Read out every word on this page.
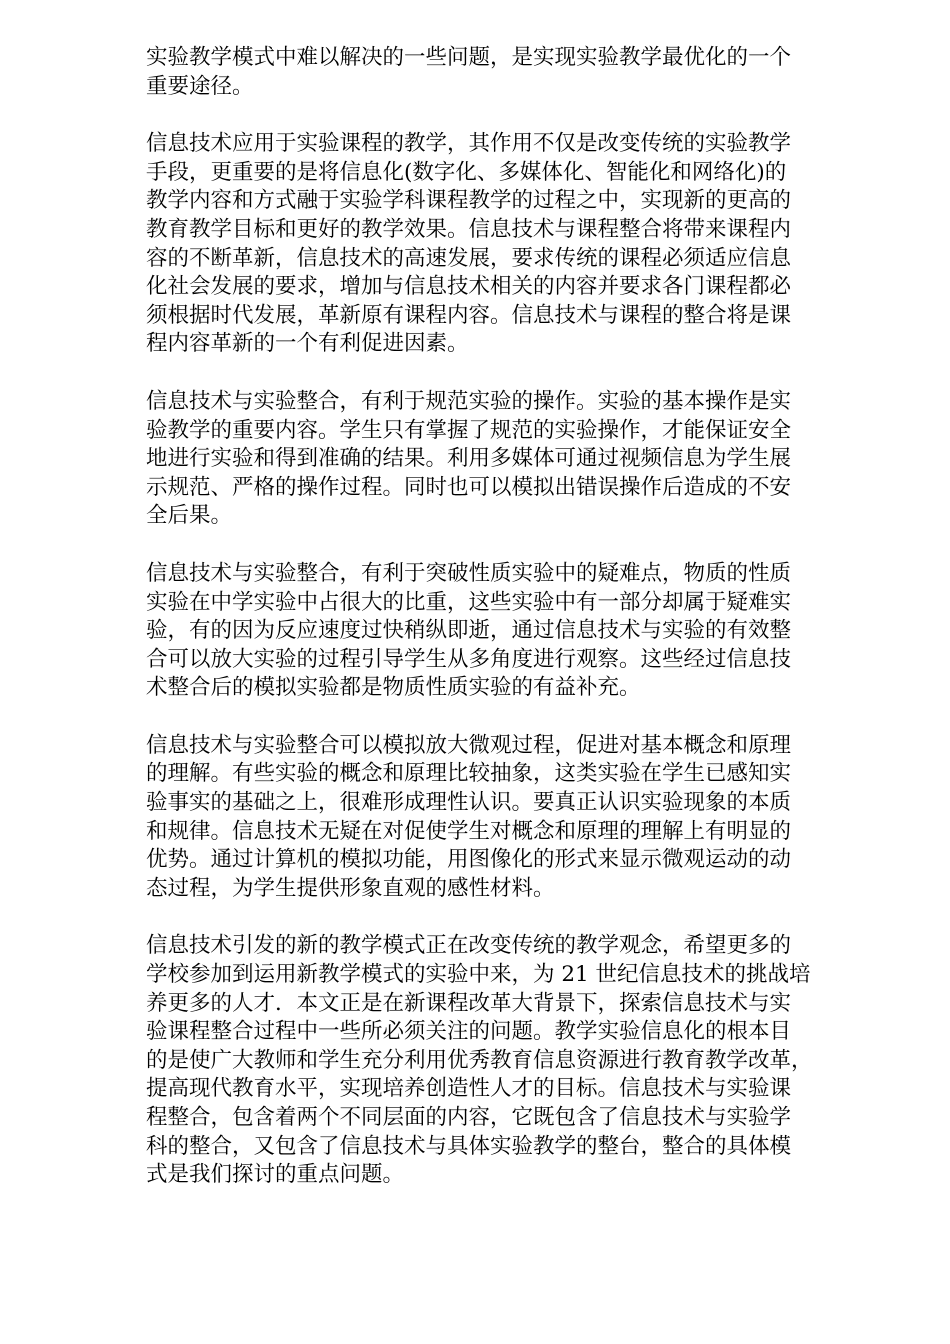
实验教学模式中难以解决的一些问题，是实现实验教学最优化的一个
重要途径。

信息技术应用于实验课程的教学，其作用不仅是改变传统的实验教学
手段，更重要的是将信息化(数字化、多媒体化、智能化和网络化)的
教学内容和方式融于实验学科课程教学的过程之中，实现新的更高的
教育教学目标和更好的教学效果。信息技术与课程整合将带来课程内
容的不断革新，信息技术的高速发展，要求传统的课程必须适应信息
化社会发展的要求，增加与信息技术相关的内容并要求各门课程都必
须根据时代发展，革新原有课程内容。信息技术与课程的整合将是课
程内容革新的一个有利促进因素。

信息技术与实验整合，有利于规范实验的操作。实验的基本操作是实
验教学的重要内容。学生只有掌握了规范的实验操作，才能保证安全
地进行实验和得到准确的结果。利用多媒体可通过视频信息为学生展
示规范、严格的操作过程。同时也可以模拟出错误操作后造成的不安
全后果。

信息技术与实验整合，有利于突破性质实验中的疑难点，物质的性质
实验在中学实验中占很大的比重，这些实验中有一部分却属于疑难实
验，有的因为反应速度过快稍纵即逝，通过信息技术与实验的有效整
合可以放大实验的过程引导学生从多角度进行观察。这些经过信息技
术整合后的模拟实验都是物质性质实验的有益补充。

信息技术与实验整合可以模拟放大微观过程，促进对基本概念和原理
的理解。有些实验的概念和原理比较抽象，这类实验在学生已感知实
验事实的基础之上，很难形成理性认识。要真正认识实验现象的本质
和规律。信息技术无疑在对促使学生对概念和原理的理解上有明显的
优势。通过计算机的模拟功能，用图像化的形式来显示微观运动的动
态过程，为学生提供形象直观的感性材料。

信息技术引发的新的教学模式正在改变传统的教学观念，希望更多的
学校参加到运用新教学模式的实验中来，为 21 世纪信息技术的挑战培
养更多的人才．本文正是在新课程改革大背景下，探索信息技术与实
验课程整合过程中一些所必须关注的问题。教学实验信息化的根本目
的是使广大教师和学生充分利用优秀教育信息资源进行教育教学改革，
提高现代教育水平，实现培养创造性人才的目标。信息技术与实验课
程整合，包含着两个不同层面的内容，它既包含了信息技术与实验学
科的整合，又包含了信息技术与具体实验教学的整台，整合的具体模
式是我们探讨的重点问题。
